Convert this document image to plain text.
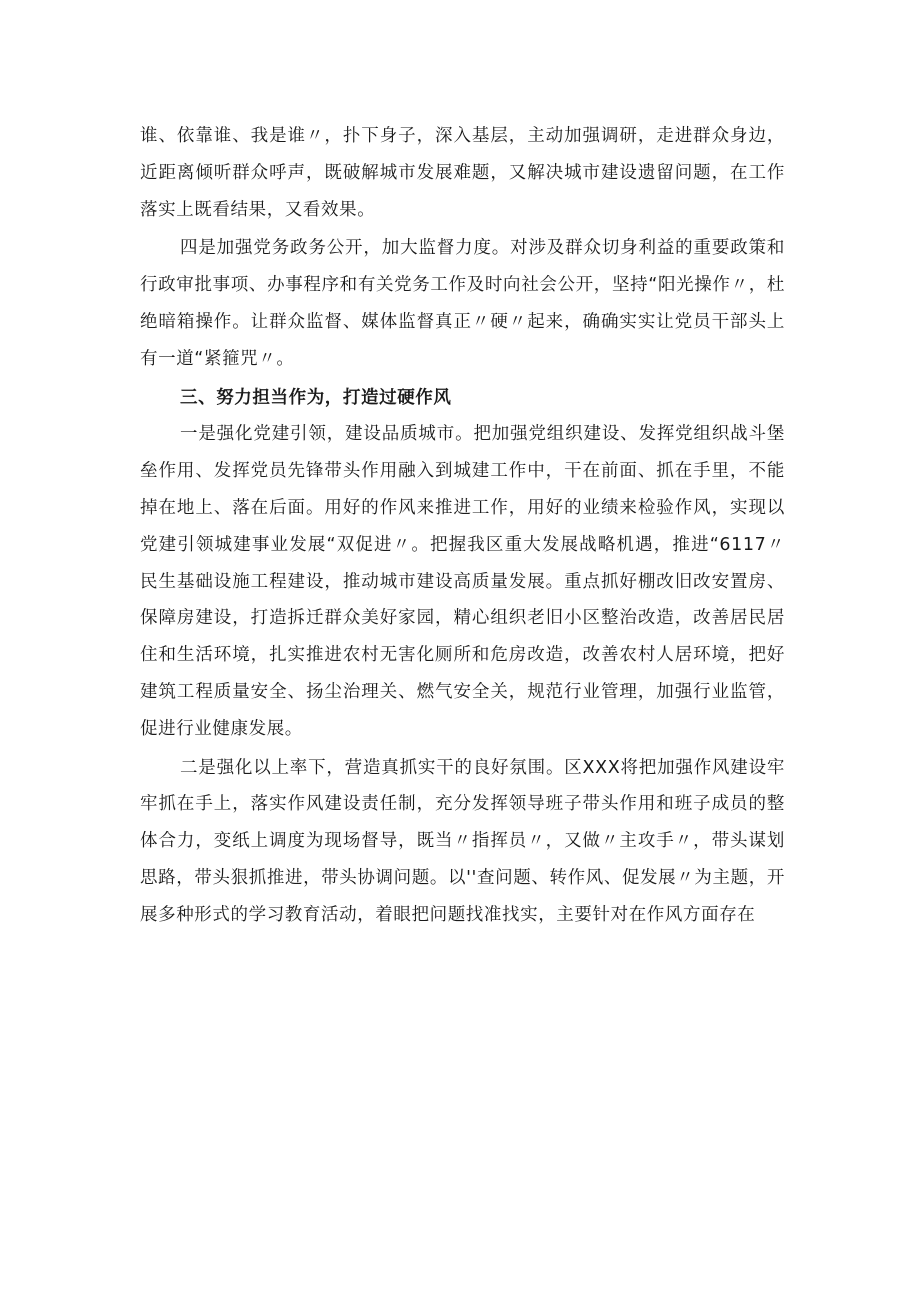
谁、依靠谁、我是谁〃，扑下身子，深入基层，主动加强调研，走进群众身边，近距离倾听群众呼声，既破解城市发展难题，又解决城市建设遗留问题，在工作落实上既看结果，又看效果。

四是加强党务政务公开，加大监督力度。对涉及群众切身利益的重要政策和行政审批事项、办事程序和有关党务工作及时向社会公开，坚持“阳光操作〃，杜绝暗箱操作。让群众监督、媒体监督真正〃硬〃起来，确确实实让党员干部头上有一道“紧箍咒〃。

三、努力担当作为，打造过硬作风

一是强化党建引领，建设品质城市。把加强党组织建设、发挥党组织战斗堡垒作用、发挥党员先锋带头作用融入到城建工作中，干在前面、抓在手里，不能掉在地上、落在后面。用好的作风来推进工作，用好的业绩来检验作风，实现以党建引领城建事业发展“双促进〃。把握我区重大发展战略机遇，推进“6117〃民生基础设施工程建设，推动城市建设高质量发展。重点抓好棚改旧改安置房、保障房建设，打造拆迁群众美好家园，精心组织老旧小区整治改造，改善居民居住和生活环境，扎实推进农村无害化厕所和危房改造，改善农村人居环境，把好建筑工程质量安全、扬尘治理关、燃气安全关，规范行业管理，加强行业监管，促进行业健康发展。

二是强化以上率下，营造真抓实干的良好氛围。区XXX将把加强作风建设牢牢抓在手上，落实作风建设责任制，充分发挥领导班子带头作用和班子成员的整体合力，变纸上调度为现场督导，既当〃指挥员〃，又做〃主攻手〃，带头谋划思路，带头狠抓推进，带头协调问题。以''查问题、转作风、促发展〃为主题，开展多种形式的学习教育活动，着眼把问题找准找实，主要针对在作风方面存在
